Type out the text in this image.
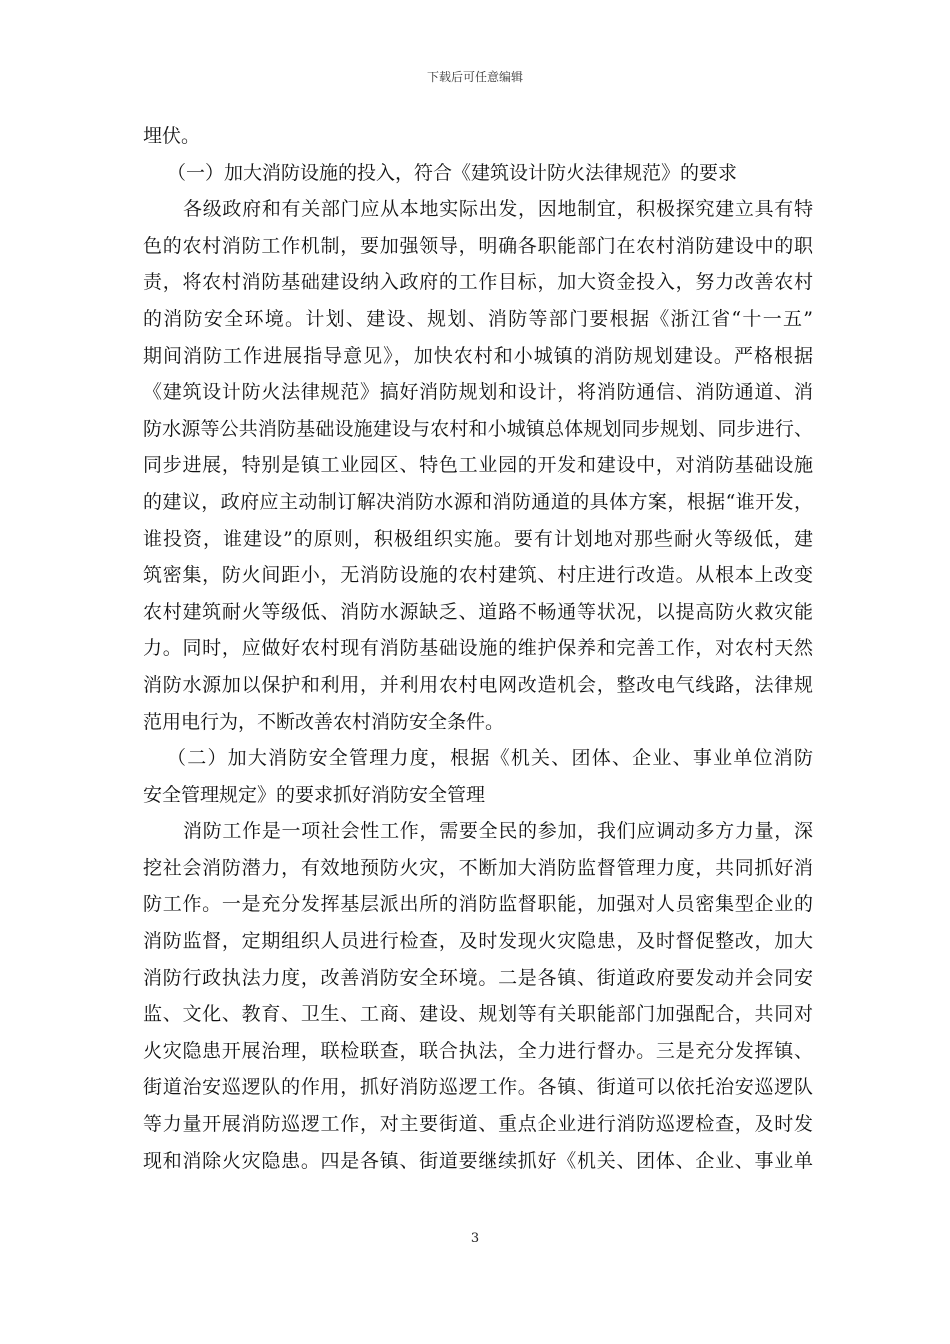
下载后可任意编辑
埋伏。
（一）加大消防设施的投入，符合《建筑设计防火法律规范》的要求
各级政府和有关部门应从本地实际出发，因地制宜，积极探究建立具有特
色的农村消防工作机制，要加强领导，明确各职能部门在农村消防建设中的职
责，将农村消防基础建设纳入政府的工作目标，加大资金投入，努力改善农村
的消防安全环境。计划、建设、规划、消防等部门要根据《浙江省“十一五”
期间消防工作进展指导意见》，加快农村和小城镇的消防规划建设。严格根据
《建筑设计防火法律规范》搞好消防规划和设计，将消防通信、消防通道、消
防水源等公共消防基础设施建设与农村和小城镇总体规划同步规划、同步进行、
同步进展，特别是镇工业园区、特色工业园的开发和建设中，对消防基础设施
的建议，政府应主动制订解决消防水源和消防通道的具体方案，根据“谁开发，
谁投资，谁建设”的原则，积极组织实施。要有计划地对那些耐火等级低，建
筑密集，防火间距小，无消防设施的农村建筑、村庄进行改造。从根本上改变
农村建筑耐火等级低、消防水源缺乏、道路不畅通等状况，以提高防火救灾能
力。同时，应做好农村现有消防基础设施的维护保养和完善工作，对农村天然
消防水源加以保护和利用，并利用农村电网改造机会，整改电气线路，法律规
范用电行为，不断改善农村消防安全条件。
（二）加大消防安全管理力度，根据《机关、团体、企业、事业单位消防
安全管理规定》的要求抓好消防安全管理
消防工作是一项社会性工作，需要全民的参加，我们应调动多方力量，深
挖社会消防潜力，有效地预防火灾，不断加大消防监督管理力度，共同抓好消
防工作。一是充分发挥基层派出所的消防监督职能，加强对人员密集型企业的
消防监督，定期组织人员进行检查，及时发现火灾隐患，及时督促整改，加大
消防行政执法力度，改善消防安全环境。二是各镇、街道政府要发动并会同安
监、文化、教育、卫生、工商、建设、规划等有关职能部门加强配合，共同对
火灾隐患开展治理，联检联查，联合执法，全力进行督办。三是充分发挥镇、
街道治安巡逻队的作用，抓好消防巡逻工作。各镇、街道可以依托治安巡逻队
等力量开展消防巡逻工作，对主要街道、重点企业进行消防巡逻检查，及时发
现和消除火灾隐患。四是各镇、街道要继续抓好《机关、团体、企业、事业单
3
